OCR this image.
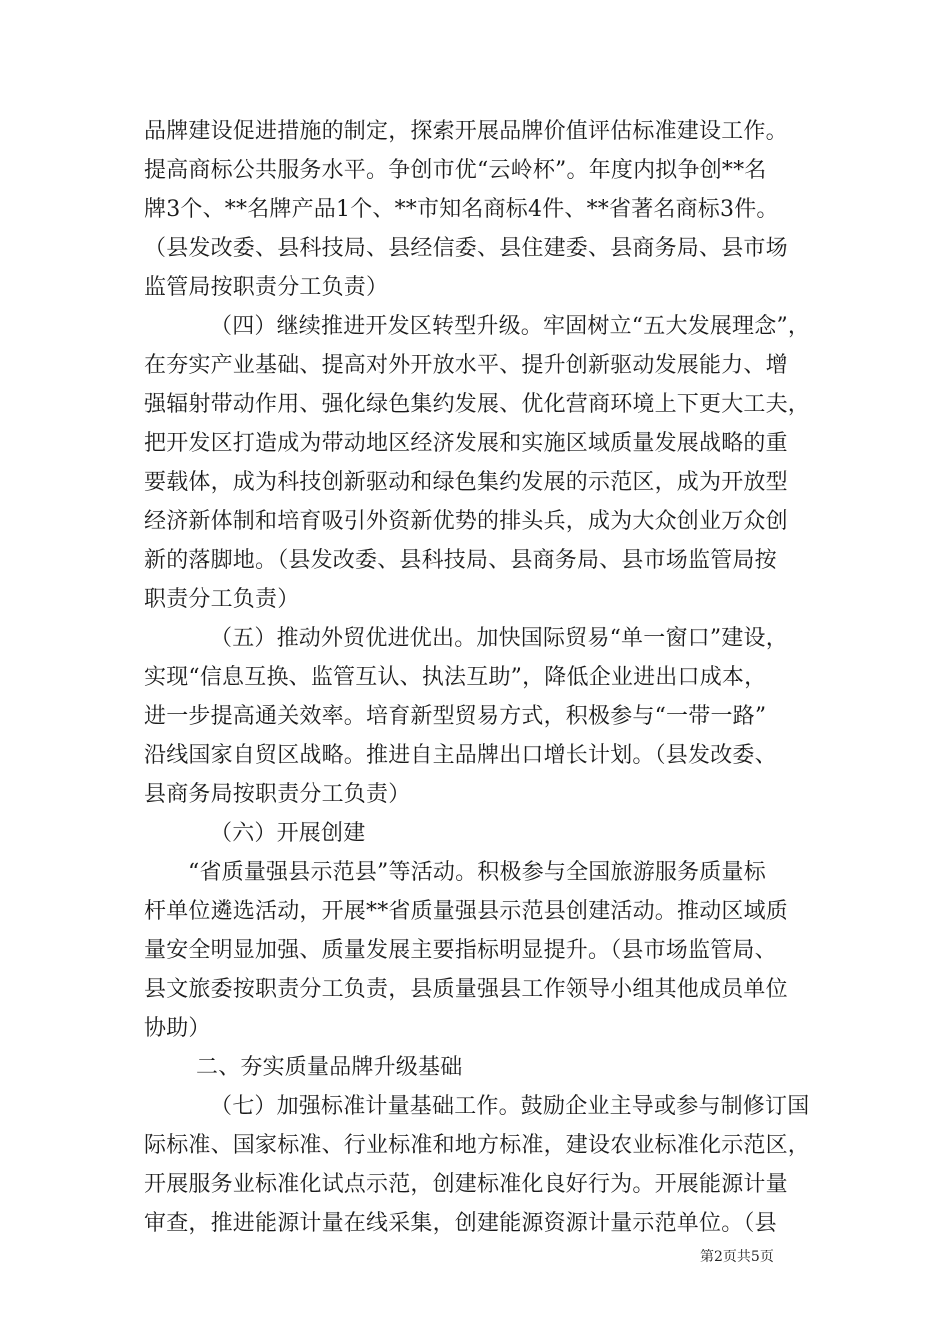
品牌建设促进措施的制定，探索开展品牌价值评估标准建设工作。
提高商标公共服务水平。争创市优“云岭杯”。年度内拟争创**名
牌3个、**名牌产品1个、**市知名商标4件、**省著名商标3件。
（县发改委、县科技局、县经信委、县住建委、县商务局、县市场
监管局按职责分工负责）
（四）继续推进开发区转型升级。牢固树立“五大发展理念”，
在夯实产业基础、提高对外开放水平、提升创新驱动发展能力、增
强辐射带动作用、强化绿色集约发展、优化营商环境上下更大工夫，
把开发区打造成为带动地区经济发展和实施区域质量发展战略的重
要载体，成为科技创新驱动和绿色集约发展的示范区，成为开放型
经济新体制和培育吸引外资新优势的排头兵，成为大众创业万众创
新的落脚地。（县发改委、县科技局、县商务局、县市场监管局按
职责分工负责）
（五）推动外贸优进优出。加快国际贸易“单一窗口”建设，
实现“信息互换、监管互认、执法互助”，降低企业进出口成本，
进一步提高通关效率。培育新型贸易方式，积极参与“一带一路”
沿线国家自贸区战略。推进自主品牌出口增长计划。（县发改委、
县商务局按职责分工负责）
（六）开展创建
“省质量强县示范县”等活动。积极参与全国旅游服务质量标
杆单位遴选活动，开展**省质量强县示范县创建活动。推动区域质
量安全明显加强、质量发展主要指标明显提升。（县市场监管局、
县文旅委按职责分工负责，县质量强县工作领导小组其他成员单位
协助）
二、夯实质量品牌升级基础
（七）加强标准计量基础工作。鼓励企业主导或参与制修订国
际标准、国家标准、行业标准和地方标准，建设农业标准化示范区，
开展服务业标准化试点示范，创建标准化良好行为。开展能源计量
审查，推进能源计量在线采集，创建能源资源计量示范单位。（县
第2页共5页
